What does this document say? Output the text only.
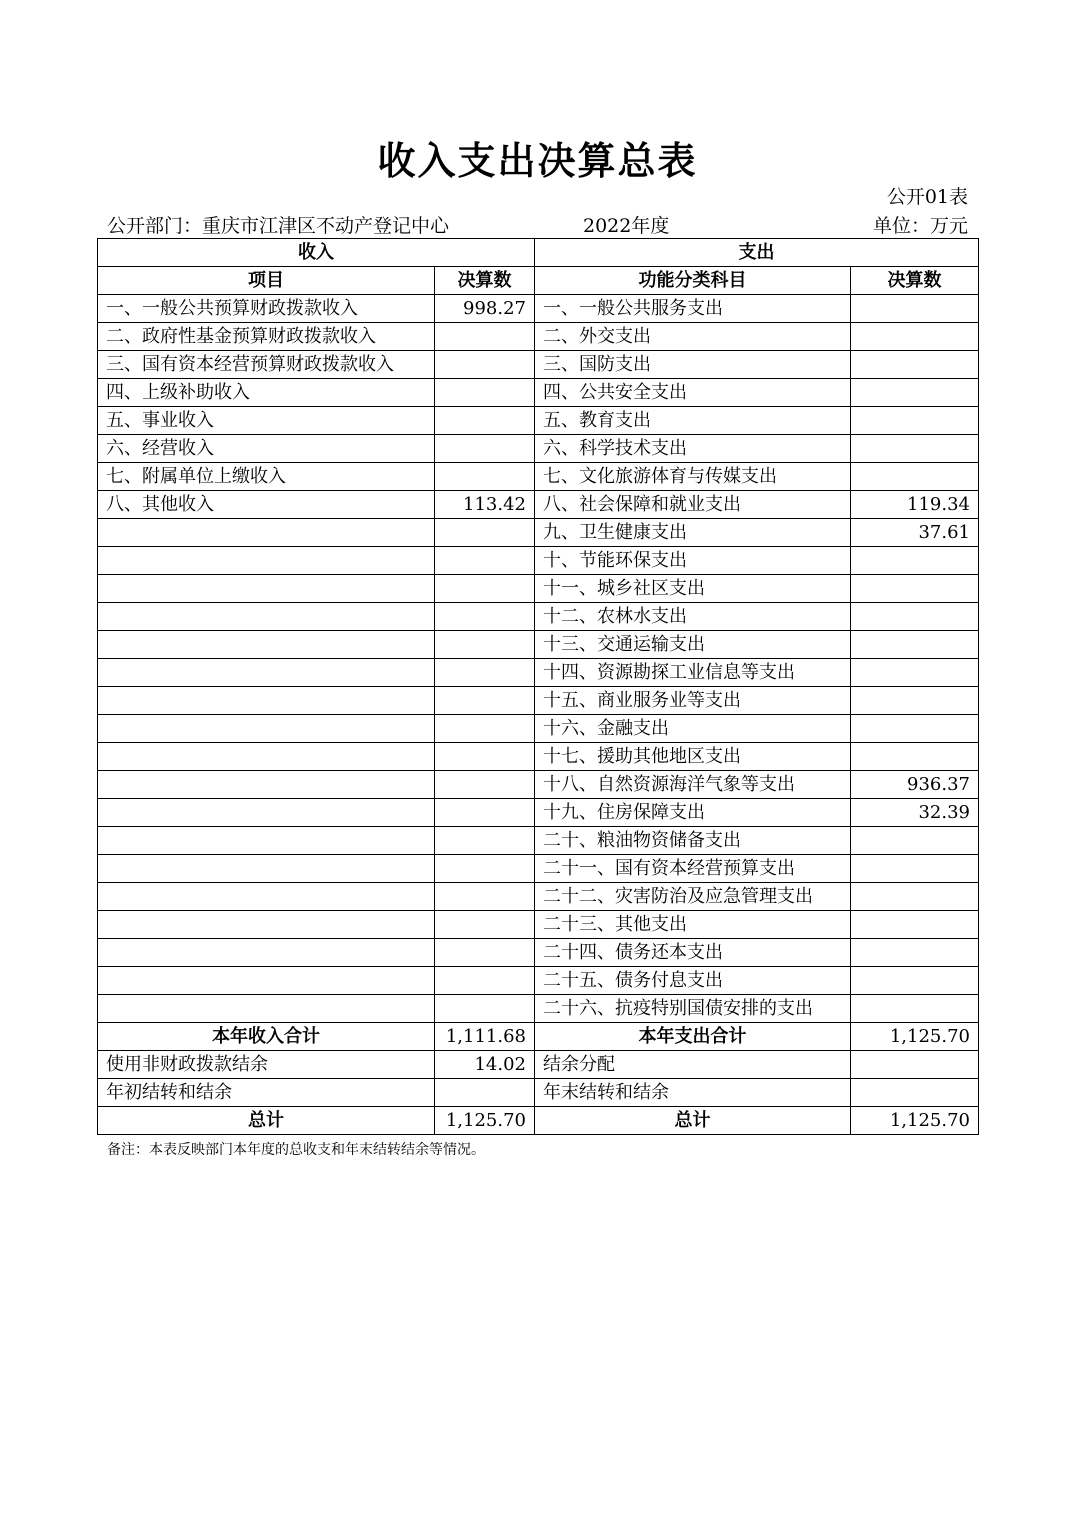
收入支出决算总表
公开01表
公开部门：重庆市江津区不动产登记中心	2022年度	单位：万元
收入		支出	
项目	决算数	功能分类科目	决算数
一、一般公共预算财政拨款收入	998.27	一、一般公共服务支出	
二、政府性基金预算财政拨款收入		二、外交支出	
三、国有资本经营预算财政拨款收入		三、国防支出	
四、上级补助收入		四、公共安全支出	
五、事业收入		五、教育支出	
六、经营收入		六、科学技术支出	
七、附属单位上缴收入		七、文化旅游体育与传媒支出	
八、其他收入	113.42	八、社会保障和就业支出	119.34
		九、卫生健康支出	37.61
		十、节能环保支出	
		十一、城乡社区支出	
		十二、农林水支出	
		十三、交通运输支出	
		十四、资源勘探工业信息等支出	
		十五、商业服务业等支出	
		十六、金融支出	
		十七、援助其他地区支出	
		十八、自然资源海洋气象等支出	936.37
		十九、住房保障支出	32.39
		二十、粮油物资储备支出	
		二十一、国有资本经营预算支出	
		二十二、灾害防治及应急管理支出	
		二十三、其他支出	
		二十四、债务还本支出	
		二十五、债务付息支出	
		二十六、抗疫特别国债安排的支出	
本年收入合计	1,111.68	本年支出合计	1,125.70
使用非财政拨款结余	14.02	结余分配	
年初结转和结余		年末结转和结余	
总计	1,125.70	总计	1,125.70
备注：本表反映部门本年度的总收支和年末结转结余等情况。
